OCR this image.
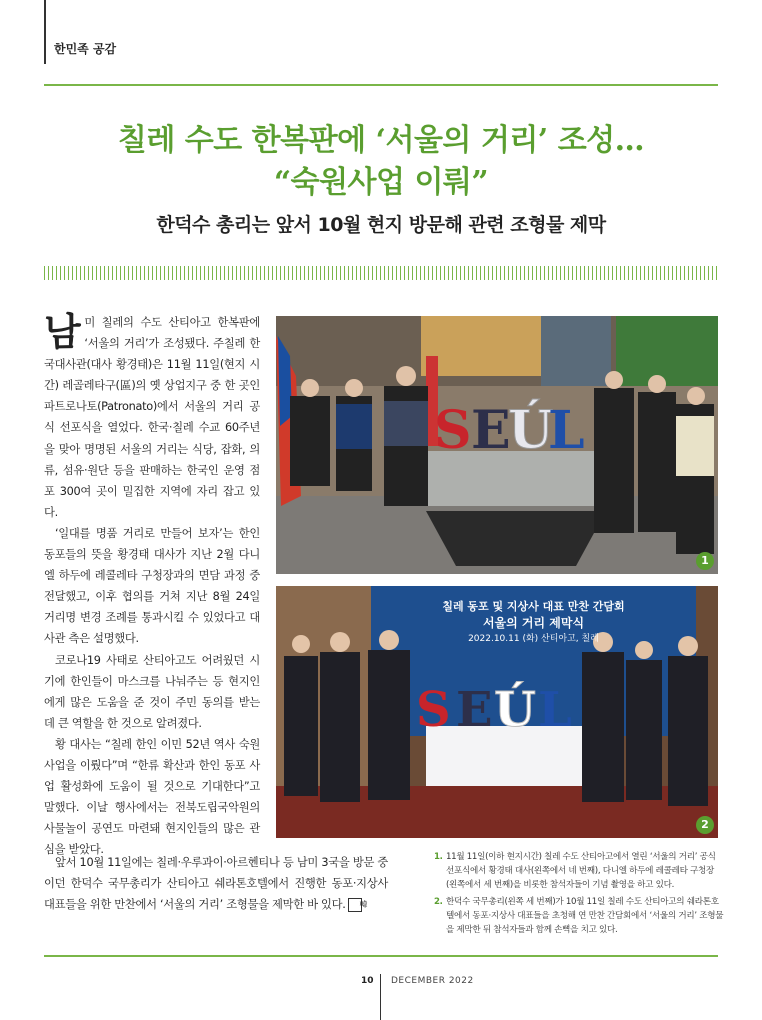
한민족 공감
칠레 수도 한복판에 ‘서울의 거리’ 조성…
“숙원사업 이뤄”
한덕수 총리는 앞서 10월 현지 방문해 관련 조형물 제막

남미 칠레의 수도 산티아고 한복판에 ‘서울의 거리’가 조성됐다. 주칠레 한국대사관(대사 황경태)은 11월 11일(현지 시간) 레골레타구(區)의 옛 상업지구 중 한 곳인 파트로나토(Patronato)에서 서울의 거리 공식 선포식을 열었다. 한국·칠레 수교 60주년을 맞아 명명된 서울의 거리는 식당, 잡화, 의류, 섬유·원단 등을 판매하는 한국인 운영 점포 300여 곳이 밀집한 지역에 자리 잡고 있다.

‘일대를 명품 거리로 만들어 보자’는 한인 동포들의 뜻을 황경태 대사가 지난 2월 다니엘 하두에 레콜레타 구청장과의 면담 과정 중 전달했고, 이후 협의를 거쳐 지난 8월 24일 거리명 변경 조례를 통과시킬 수 있었다고 대사관 측은 설명했다.

코로나19 사태로 산티아고도 어려웠던 시기에 한인들이 마스크를 나눠주는 등 현지인에게 많은 도움을 준 것이 주민 동의를 받는 데 큰 역할을 한 것으로 알려졌다.

황 대사는 “칠레 한인 이민 52년 역사 숙원사업을 이뤘다”며 “한류 확산과 한인 동포 사업 활성화에 도움이 될 것으로 기대한다”고 말했다. 이날 행사에서는 전북도립국악원의 사물놀이 공연도 마련돼 현지인들의 많은 관심을 받았다.

앞서 10월 11일에는 칠레·우루과이·아르헨티나 등 남미 3국을 방문 중이던 한덕수 국무총리가 산티아고 쉐라톤호텔에서 진행한 동포·지상사 대표들을 위한 만찬에서 ‘서울의 거리’ 조형물을 제막한 바 있다. 韓

S E
Ú
L
1
S E Ú L
칠레 동포 및 지상사 대표 만찬 간담회
서울의 거리 제막식
2022.10.11 (화) 산티아고, 칠레
2
1. 11월 11일(이하 현지시간) 칠레 수도 산티아고에서 열린 ‘서울의 거리’ 공식 선포식에서 황경태 대사(왼쪽에서 네 번째), 다니엘 하두에 레콜레타 구청장(왼쪽에서 세 번째)을 비롯한 참석자들이 기념 촬영을 하고 있다.
2. 한덕수 국무총리(왼쪽 세 번째)가 10월 11일 칠레 수도 산티아고의 쉐라톤호텔에서 동포·지상사 대표들을 초청해 연 만찬 간담회에서 ‘서울의 거리’ 조형물을 제막한 뒤 참석자들과 함께 손뼉을 치고 있다.
10 DECEMBER 2022
